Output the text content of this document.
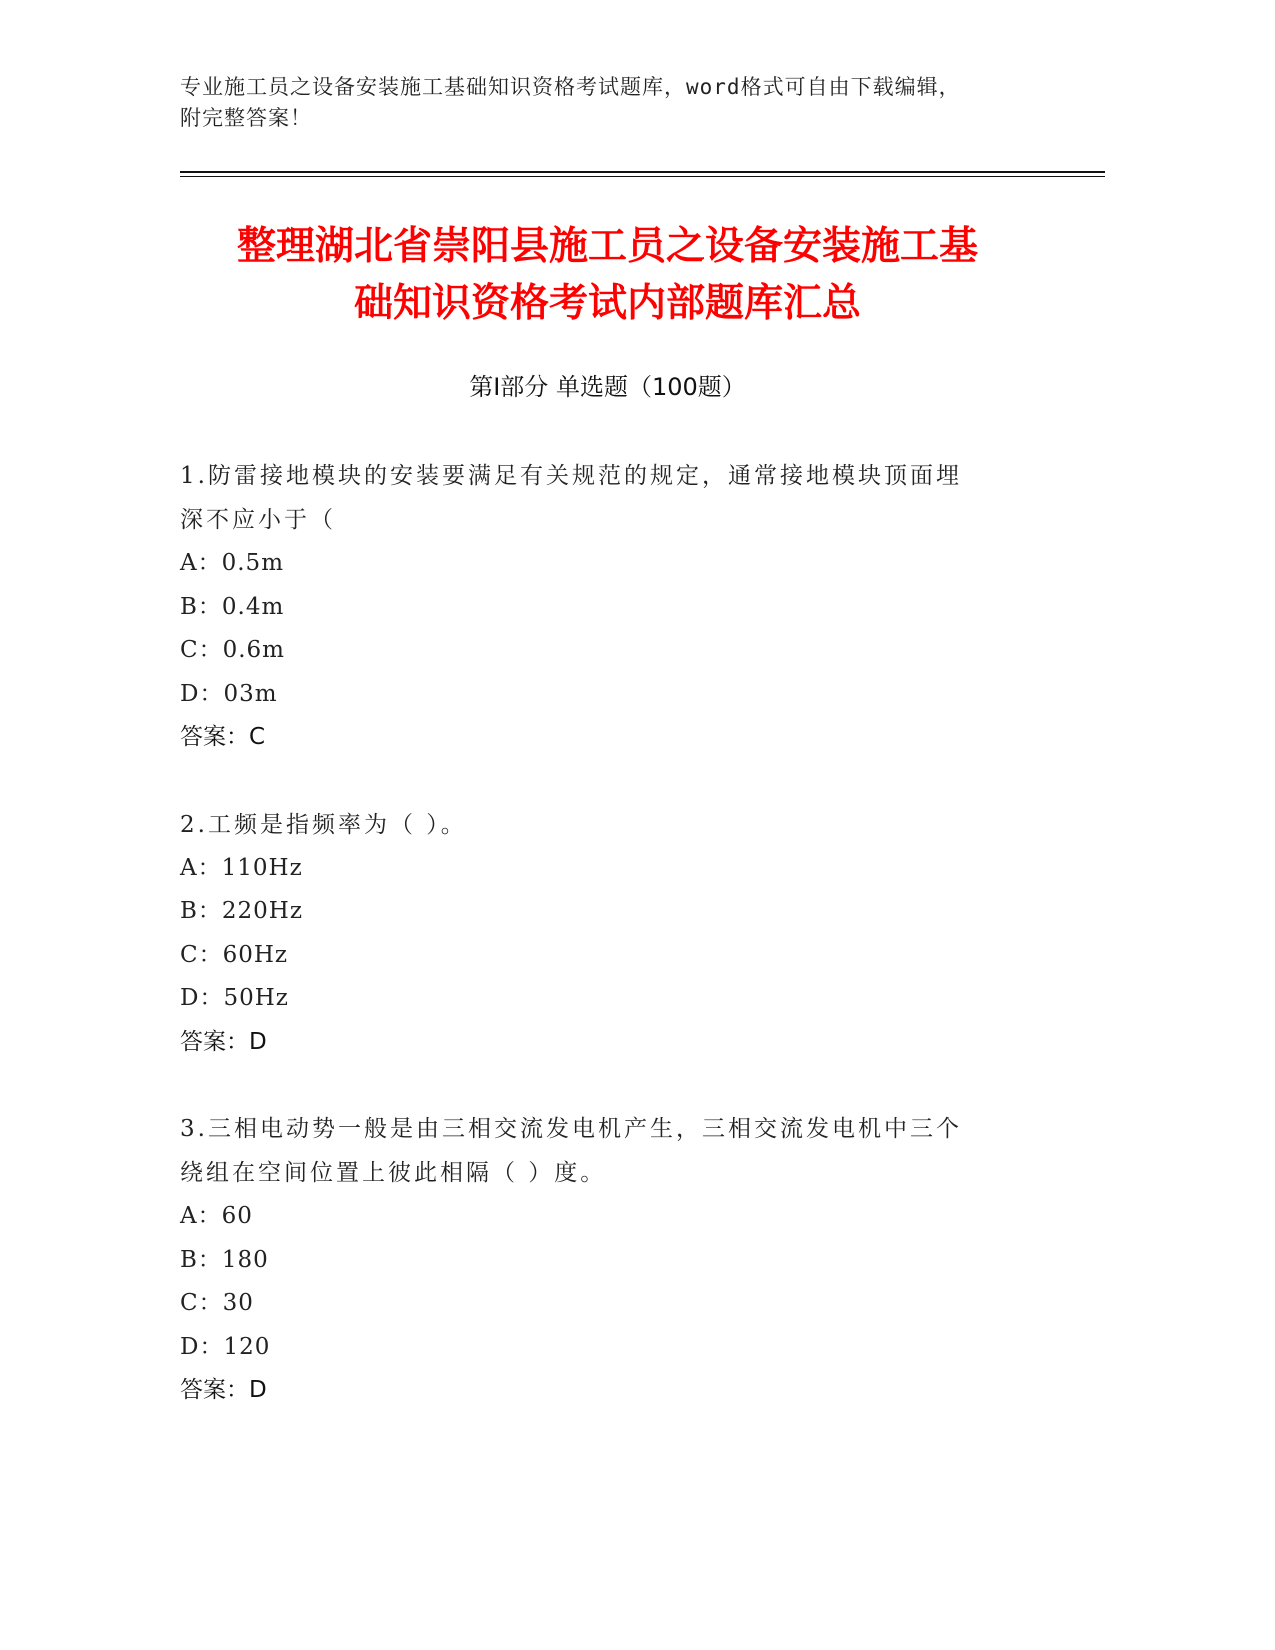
专业施工员之设备安装施工基础知识资格考试题库，word格式可自由下载编辑，
附完整答案！
整理湖北省崇阳县施工员之设备安装施工基
础知识资格考试内部题库汇总
第Ⅰ部分 单选题（100题）
1.防雷接地模块的安装要满足有关规范的规定，通常接地模块顶面埋
深不应小于（
A：0.5m
B：0.4m
C：0.6m
D：03m
答案：C
2.工频是指频率为（ ）。
A：110Hz
B：220Hz
C：60Hz
D：50Hz
答案：D
3.三相电动势一般是由三相交流发电机产生，三相交流发电机中三个
绕组在空间位置上彼此相隔（ ）度。
A：60
B：180
C：30
D：120
答案：D
